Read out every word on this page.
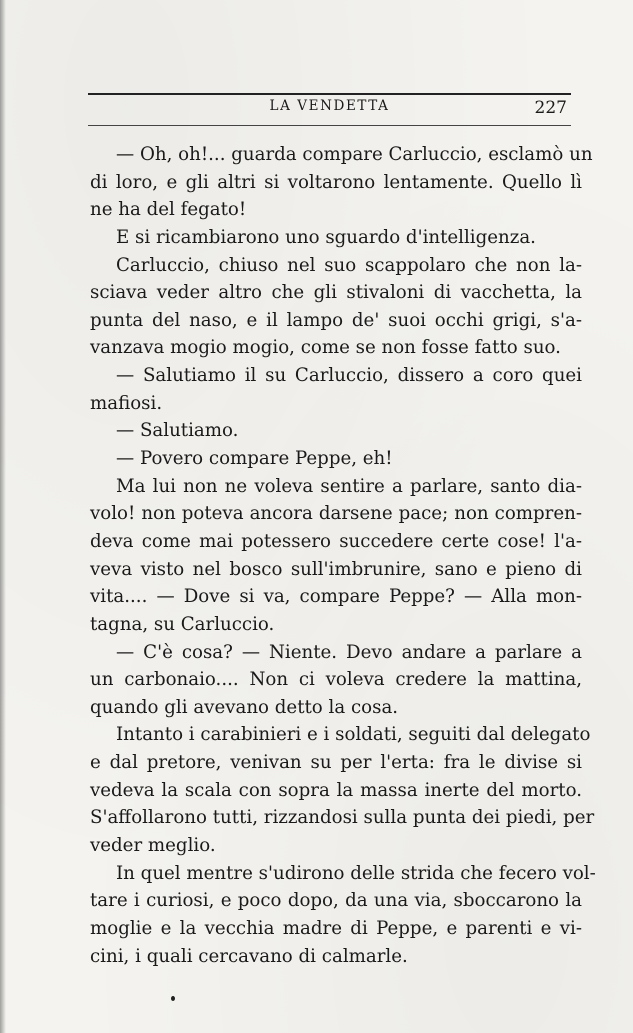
LA VENDETTA	227
— Oh, oh!... guarda compare Carluccio, esclamò un
di loro, e gli altri si voltarono lentamente. Quello lì
ne ha del fegato!
E si ricambiarono uno sguardo d'intelligenza.
Carluccio, chiuso nel suo scappolaro che non la-
sciava veder altro che gli stivaloni di vacchetta, la
punta del naso, e il lampo de' suoi occhi grigi, s'a-
vanzava mogio mogio, come se non fosse fatto suo.
— Salutiamo il su Carluccio, dissero a coro quei
mafiosi.
— Salutiamo.
— Povero compare Peppe, eh!
Ma lui non ne voleva sentire a parlare, santo dia-
volo! non poteva ancora darsene pace; non compren-
deva come mai potessero succedere certe cose! l'a-
veva visto nel bosco sull'imbrunire, sano e pieno di
vita.... — Dove si va, compare Peppe? — Alla mon-
tagna, su Carluccio.
— C'è cosa? — Niente. Devo andare a parlare a
un carbonaio.... Non ci voleva credere la mattina,
quando gli avevano detto la cosa.
Intanto i carabinieri e i soldati, seguiti dal delegato
e dal pretore, venivan su per l'erta: fra le divise si
vedeva la scala con sopra la massa inerte del morto.
S'affollarono tutti, rizzandosi sulla punta dei piedi, per
veder meglio.
In quel mentre s'udirono delle strida che fecero vol-
tare i curiosi, e poco dopo, da una via, sboccarono la
moglie e la vecchia madre di Peppe, e parenti e vi-
cini, i quali cercavano di calmarle.
